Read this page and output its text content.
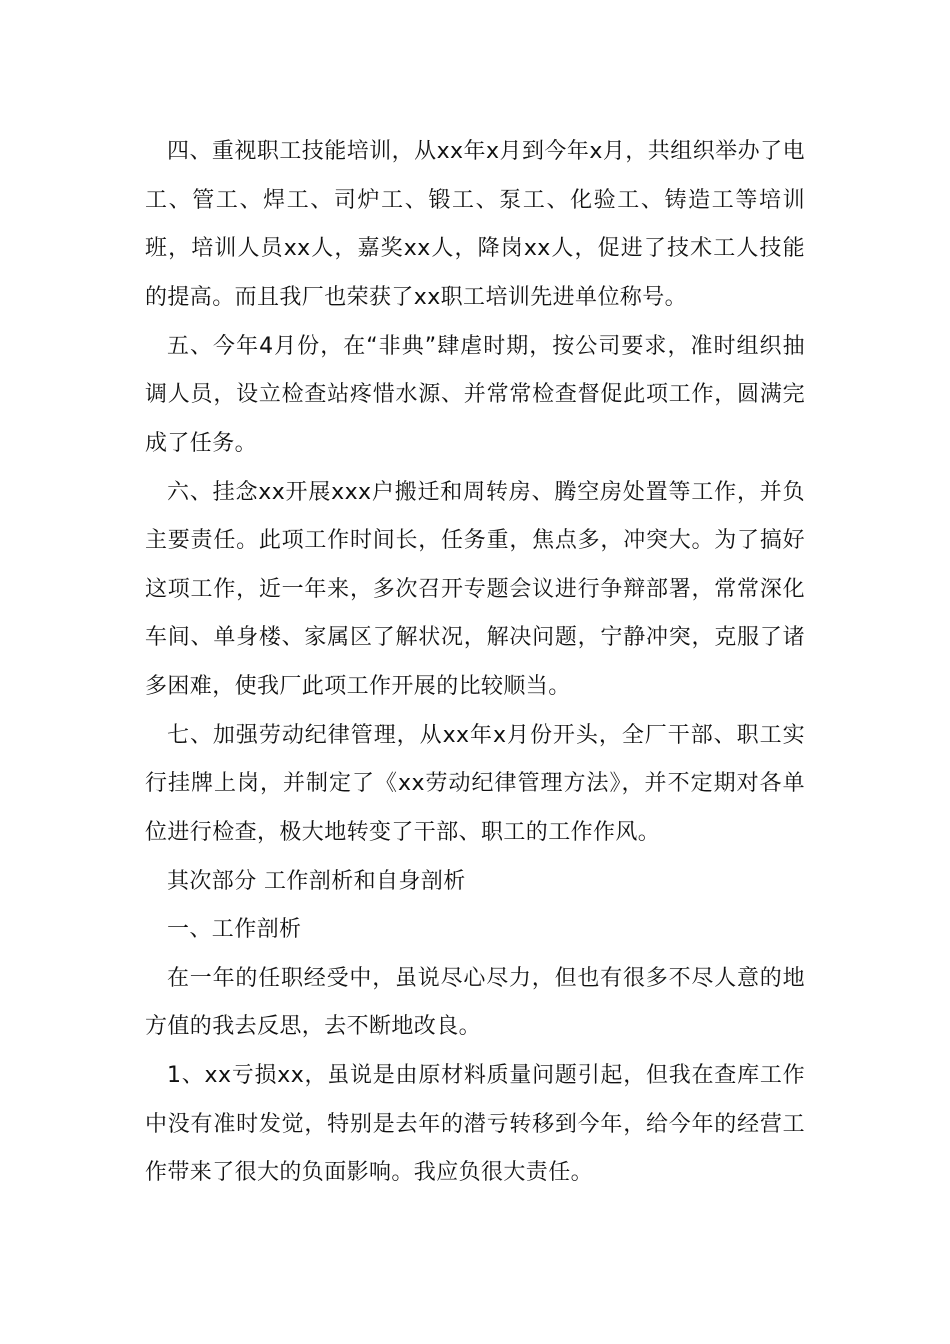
四、重视职工技能培训，从xx年x月到今年x月，共组织举办了电工、管工、焊工、司炉工、锻工、泵工、化验工、铸造工等培训班，培训人员xx人，嘉奖xx人，降岗xx人，促进了技术工人技能的提高。而且我厂也荣获了xx职工培训先进单位称号。

五、今年4月份，在“非典”肆虐时期，按公司要求，准时组织抽调人员，设立检查站疼惜水源、并常常检查督促此项工作，圆满完成了任务。

六、挂念xx开展xxx户搬迁和周转房、腾空房处置等工作，并负主要责任。此项工作时间长，任务重，焦点多，冲突大。为了搞好这项工作，近一年来，多次召开专题会议进行争辩部署，常常深化车间、单身楼、家属区了解状况，解决问题，宁静冲突，克服了诸多困难，使我厂此项工作开展的比较顺当。

七、加强劳动纪律管理，从xx年x月份开头，全厂干部、职工实行挂牌上岗，并制定了《xx劳动纪律管理方法》，并不定期对各单位进行检查，极大地转变了干部、职工的工作作风。

其次部分 工作剖析和自身剖析

一、工作剖析

在一年的任职经受中，虽说尽心尽力，但也有很多不尽人意的地方值的我去反思，去不断地改良。

1、xx亏损xx，虽说是由原材料质量问题引起，但我在查库工作中没有准时发觉，特别是去年的潜亏转移到今年，给今年的经营工作带来了很大的负面影响。我应负很大责任。
